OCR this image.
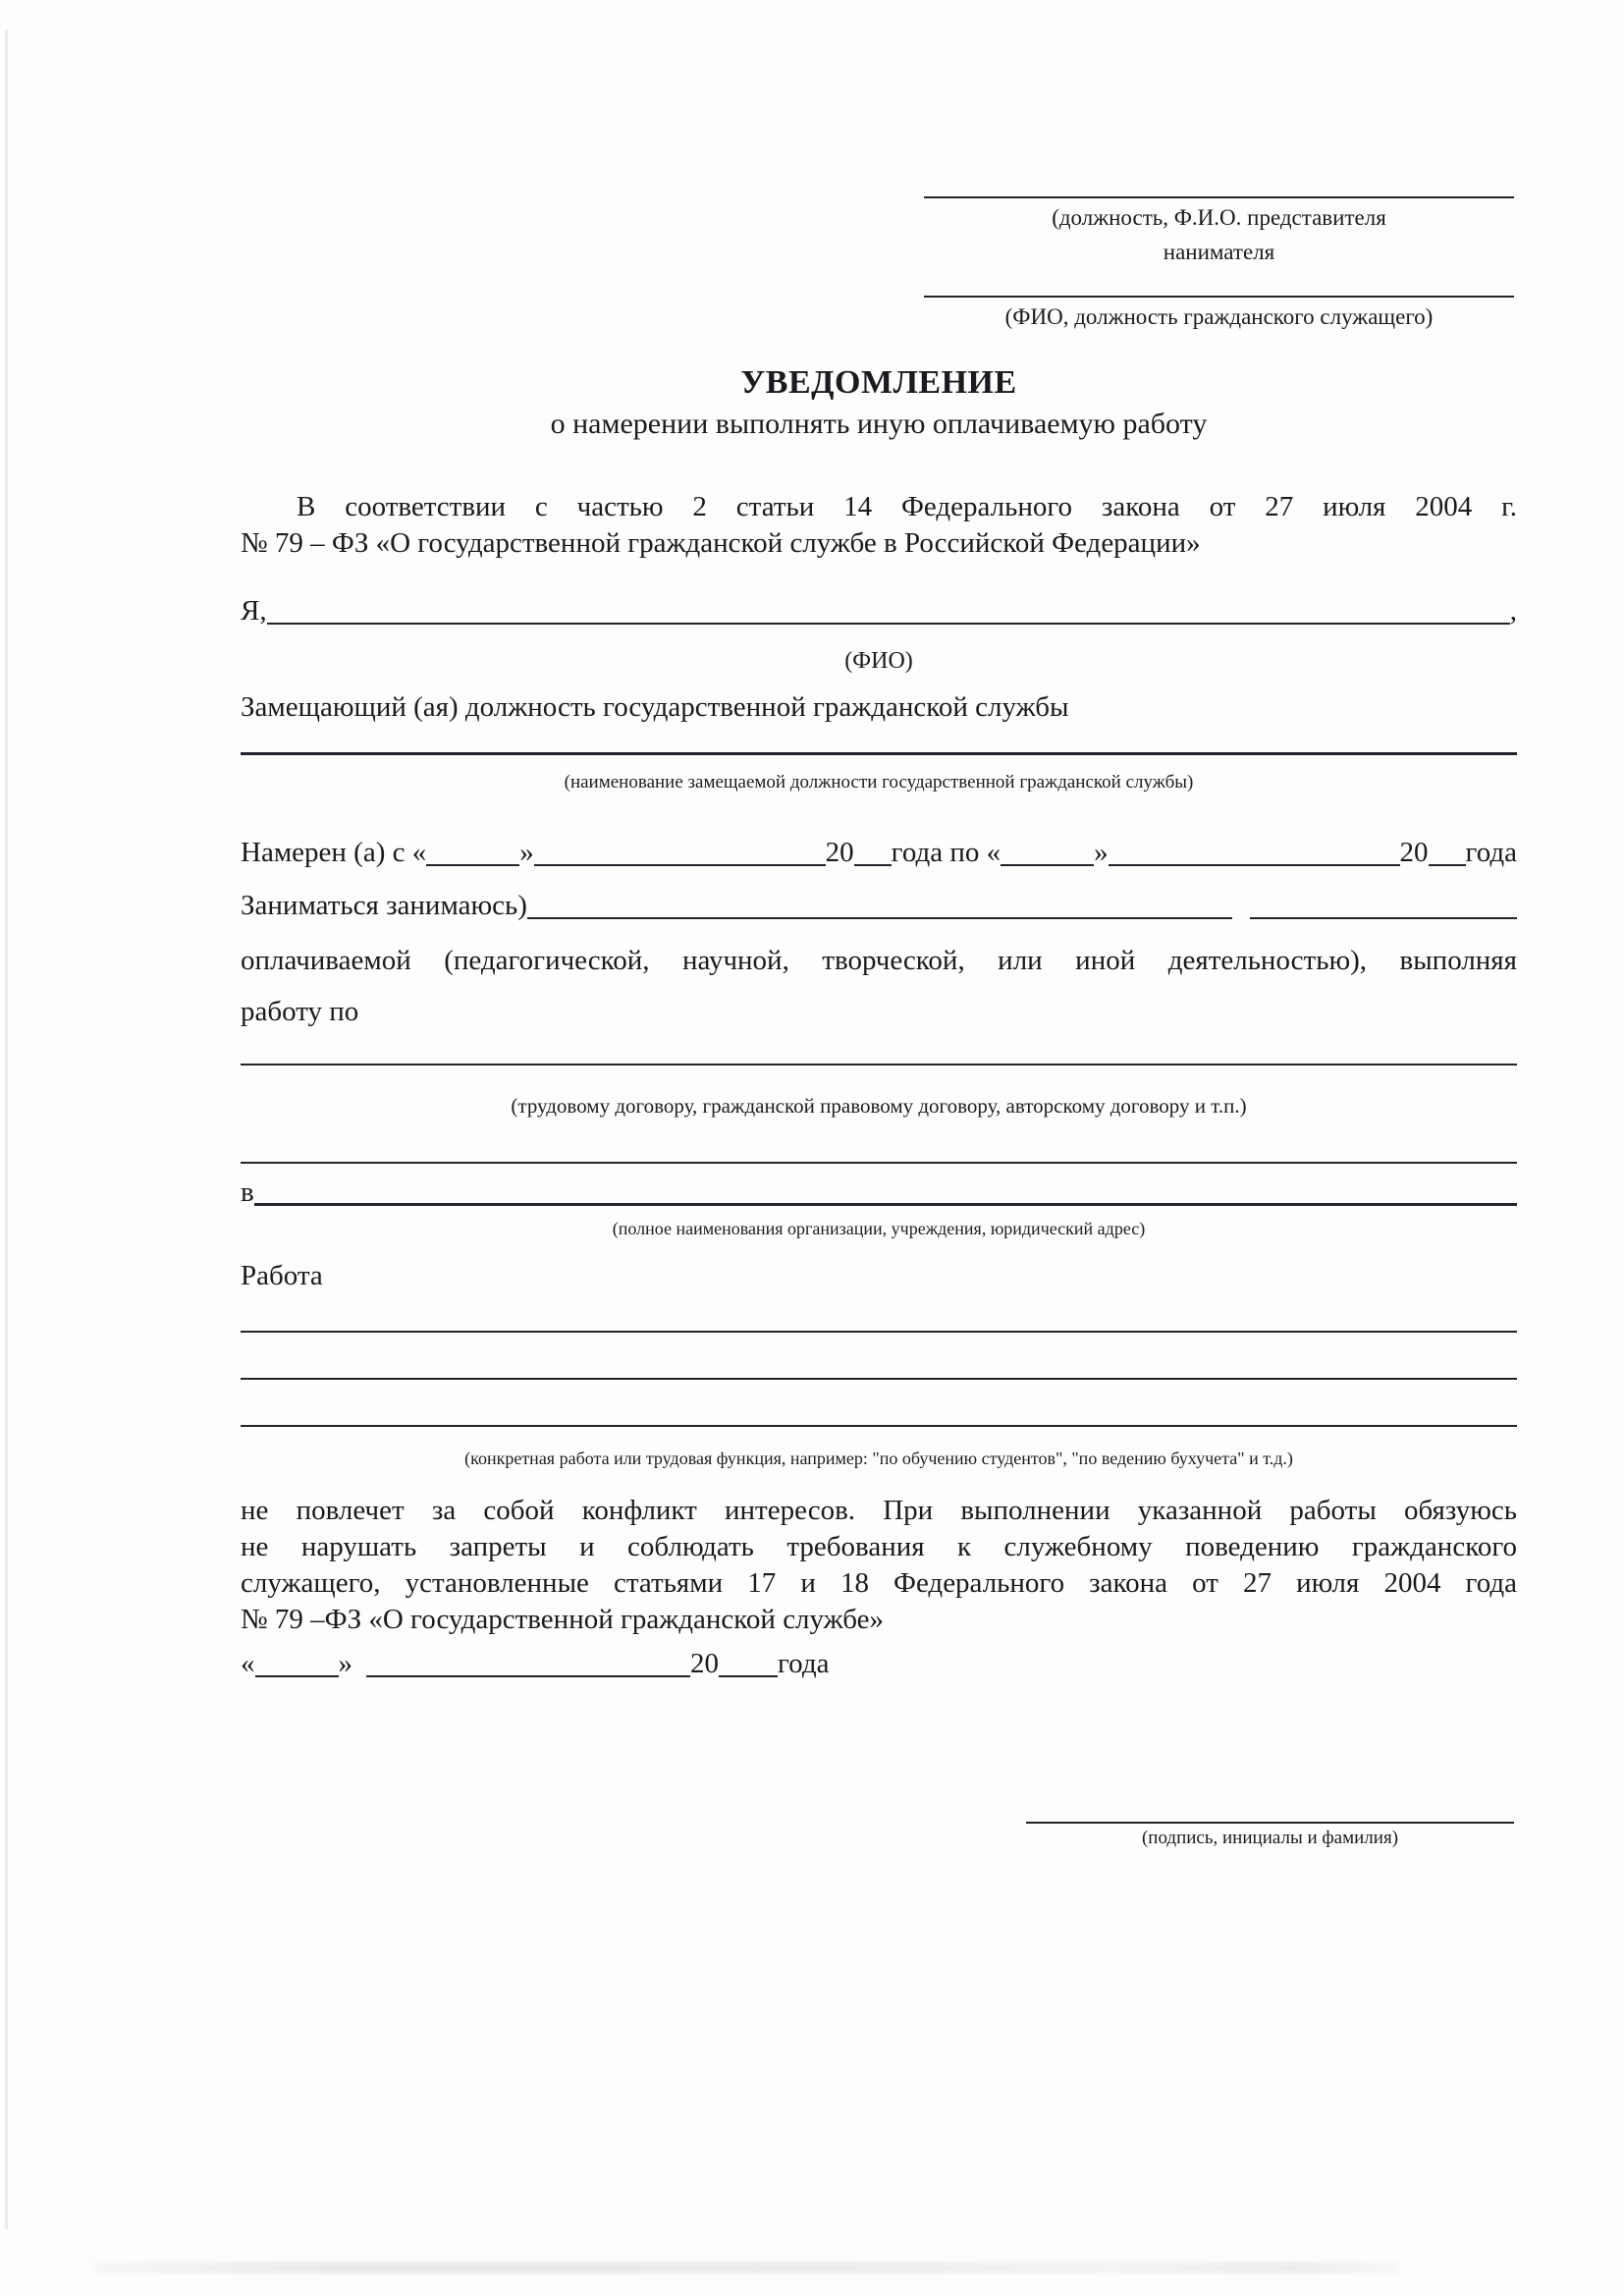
(должность, Ф.И.О. представителя
нанимателя
(ФИО, должность гражданского служащего)
УВЕДОМЛЕНИЕ
о намерении выполнять иную оплачиваемую работу
В соответствии с частью 2 статьи 14 Федерального закона от 27 июля 2004 г.
№ 79 – ФЗ «О государственной гражданской службе в Российской Федерации»
Я,	,
(ФИО)
Замещающий (ая) должность государственной гражданской службы
(наименование замещаемой должности государственной гражданской службы)
Намерен (а) с «	»	20 года по «	»	20 года
Заниматься занимаюсь)
оплачиваемой (педагогической, научной, творческой, или иной деятельностью), выполняя
работу по
(трудовому договору, гражданской правовому договору, авторскому договору и т.п.)
в
(полное наименования организации, учреждения, юридический адрес)
Работа
(конкретная работа или трудовая функция, например: "по обучению студентов", "по ведению бухучета" и т.д.)
не повлечет за собой конфликт интересов. При выполнении указанной работы обязуюсь
не нарушать запреты и соблюдать требования к служебному поведению гражданского
служащего, установленные статьями 17 и 18 Федерального закона от 27 июля 2004 года
№ 79 –ФЗ «О государственной гражданской службе»
«	»	20 года
(подпись, инициалы и фамилия)
